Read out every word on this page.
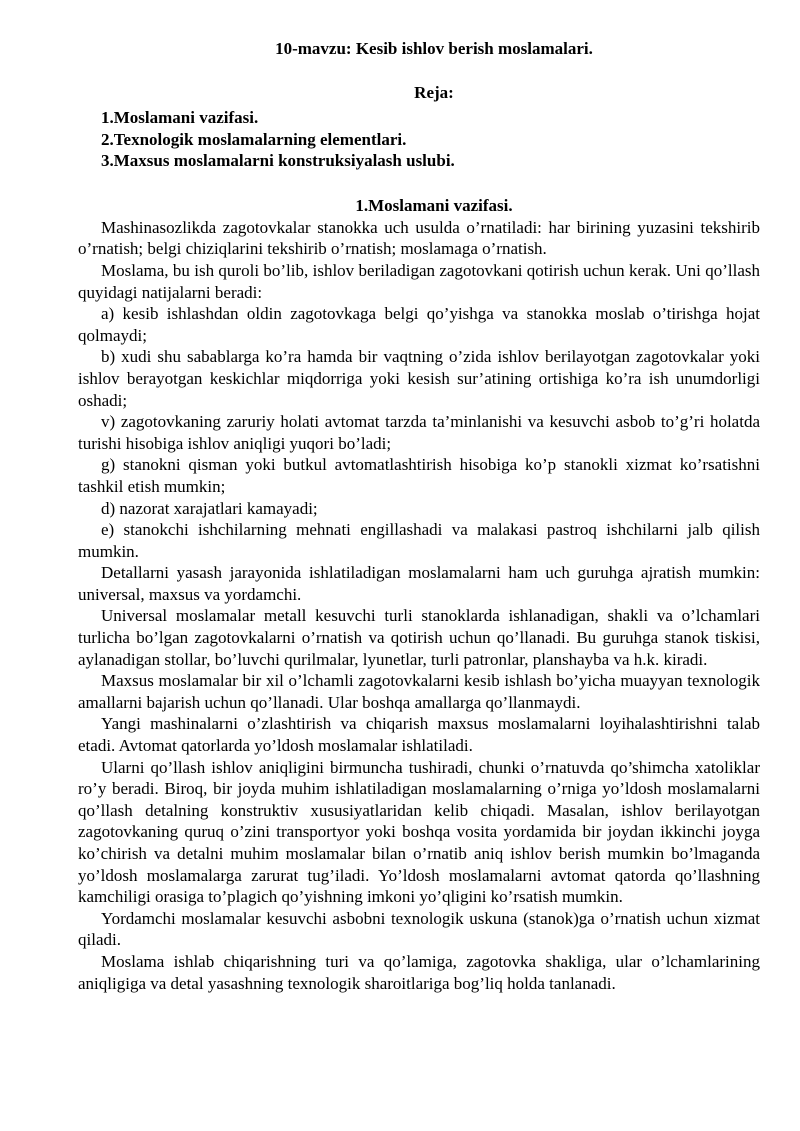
10-mavzu: Kesib ishlov berish moslamalari.
Reja:
1.Moslamani vazifasi.
2.Texnologik moslamalarning elementlari.
3.Maxsus moslamalarni konstruksiyalash uslubi.
1.Moslamani vazifasi.

Mashinasozlikda zagotovkalar stanokka uch usulda o’rnatiladi: har birining yuzasini tekshirib o’rnatish; belgi chiziqlarini tekshirib o’rnatish; moslamaga o’rnatish.

Moslama, bu ish quroli bo’lib, ishlov beriladigan zagotovkani qotirish uchun kerak. Uni qo’llash quyidagi natijalarni beradi:

a) kesib ishlashdan oldin zagotovkaga belgi qo’yishga va stanokka moslab o’tirishga hojat qolmaydi;

b) xudi shu sabablarga ko’ra hamda bir vaqtning o’zida ishlov berilayotgan zagotovkalar yoki ishlov berayotgan keskichlar miqdorriga yoki kesish sur’atining ortishiga ko’ra ish unumdorligi oshadi;

v) zagotovkaning zaruriy holati avtomat tarzda ta’minlanishi va kesuvchi asbob to’g’ri holatda turishi hisobiga ishlov aniqligi yuqori bo’ladi;

g) stanokni qisman yoki butkul avtomatlashtirish hisobiga ko’p stanokli xizmat ko’rsatishni tashkil etish mumkin;

d) nazorat xarajatlari kamayadi;

e) stanokchi ishchilarning mehnati engillashadi va malakasi pastroq ishchilarni jalb qilish mumkin.

Detallarni yasash jarayonida ishlatiladigan moslamalarni ham uch guruhga ajratish mumkin: universal, maxsus va yordamchi.

Universal moslamalar metall kesuvchi turli stanoklarda ishlanadigan, shakli va o’lchamlari turlicha bo’lgan zagotovkalarni o’rnatish va qotirish uchun qo’llanadi. Bu guruhga stanok tiskisi, aylanadigan stollar, bo’luvchi qurilmalar, lyunetlar, turli patronlar, planshayba va h.k. kiradi.

Maxsus moslamalar bir xil o’lchamli zagotovkalarni kesib ishlash bo’yicha muayyan texnologik amallarni bajarish uchun qo’llanadi. Ular boshqa amallarga qo’llanmaydi.

Yangi mashinalarni o’zlashtirish va chiqarish maxsus moslamalarni loyihalashtirishni talab etadi. Avtomat qatorlarda yo’ldosh moslamalar ishlatiladi.

Ularni qo’llash ishlov aniqligini birmuncha tushiradi, chunki o’rnatuvda qo’shimcha xatoliklar ro’y beradi. Biroq, bir joyda muhim ishlatiladigan moslamalarning o’rniga yo’ldosh moslamalarni qo’llash detalning konstruktiv xususiyatlaridan kelib chiqadi. Masalan, ishlov berilayotgan zagotovkaning quruq o’zini transportyor yoki boshqa vosita yordamida bir joydan ikkinchi joyga ko’chirish va detalni muhim moslamalar bilan o’rnatib aniq ishlov berish mumkin bo’lmaganda yo’ldosh moslamalarga zarurat tug’iladi. Yo’ldosh moslamalarni avtomat qatorda qo’llashning kamchiligi orasiga to’plagich qo’yishning imkoni yo’qligini ko’rsatish mumkin.

Yordamchi moslamalar kesuvchi asbobni texnologik uskuna (stanok)ga o’rnatish uchun xizmat qiladi.

Moslama ishlab chiqarishning turi va qo’lamiga, zagotovka shakliga, ular o’lchamlarining aniqligiga va detal yasashning texnologik sharoitlariga bog’liq holda tanlanadi.
